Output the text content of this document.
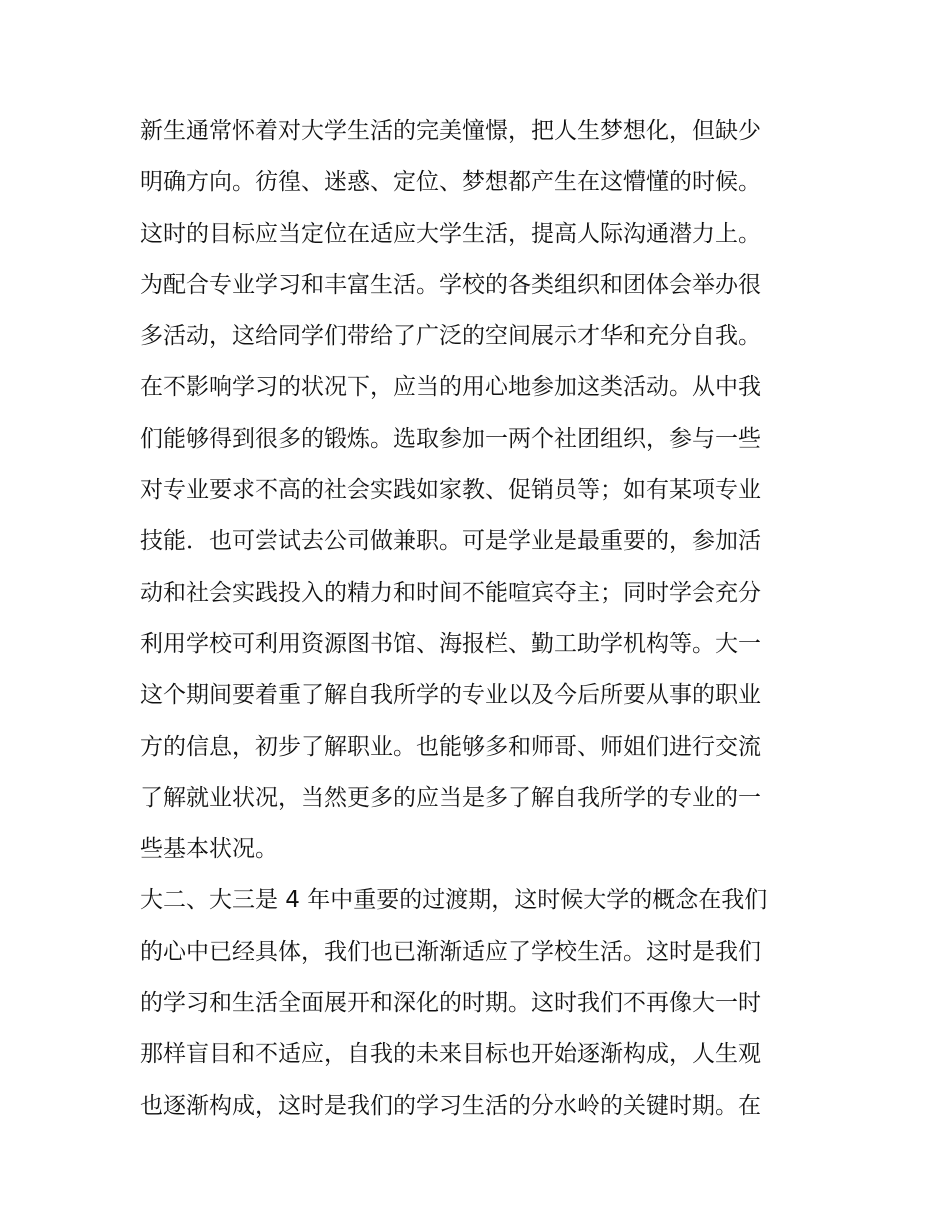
新生通常怀着对大学生活的完美憧憬，把人生梦想化，但缺少
明确方向。彷徨、迷惑、定位、梦想都产生在这懵懂的时候。
这时的目标应当定位在适应大学生活，提高人际沟通潜力上。
为配合专业学习和丰富生活。学校的各类组织和团体会举办很
多活动，这给同学们带给了广泛的空间展示才华和充分自我。
在不影响学习的状况下，应当的用心地参加这类活动。从中我
们能够得到很多的锻炼。选取参加一两个社团组织，参与一些
对专业要求不高的社会实践如家教、促销员等；如有某项专业
技能．也可尝试去公司做兼职。可是学业是最重要的，参加活
动和社会实践投入的精力和时间不能喧宾夺主；同时学会充分
利用学校可利用资源图书馆、海报栏、勤工助学机构等。大一
这个期间要着重了解自我所学的专业以及今后所要从事的职业
方的信息，初步了解职业。也能够多和师哥、师姐们进行交流
了解就业状况，当然更多的应当是多了解自我所学的专业的一
些基本状况。
大二、大三是 4 年中重要的过渡期，这时候大学的概念在我们
的心中已经具体，我们也已渐渐适应了学校生活。这时是我们
的学习和生活全面展开和深化的时期。这时我们不再像大一时
那样盲目和不适应，自我的未来目标也开始逐渐构成，人生观
也逐渐构成，这时是我们的学习生活的分水岭的关键时期。在
